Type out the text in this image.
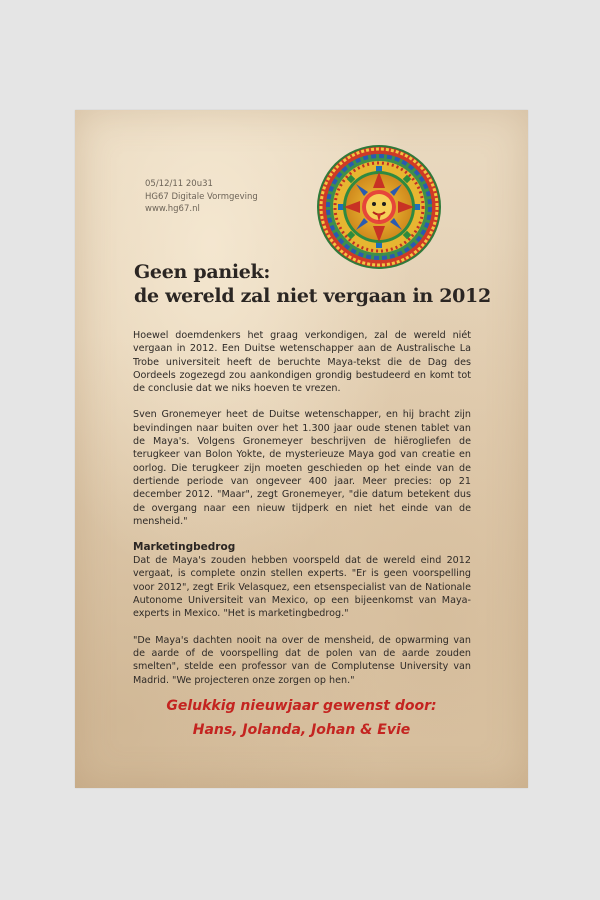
05/12/11 20u31
HG67 Digitale Vormgeving
www.hg67.nl
Geen paniek:
de wereld zal niet vergaan in 2012

Hoewel doemdenkers het graag verkondigen, zal de wereld niét vergaan in 2012. Een Duitse wetenschapper aan de Australische La Trobe universiteit heeft de beruchte Maya-tekst die de Dag des Oordeels zogezegd zou aankondigen grondig bestudeerd en komt tot de conclusie dat we niks hoeven te vrezen.

Sven Gronemeyer heet de Duitse wetenschapper, en hij bracht zijn bevindingen naar buiten over het 1.300 jaar oude stenen tablet van de Maya's. Volgens Gronemeyer beschrijven de hiërogliefen de terugkeer van Bolon Yokte, de mysterieuze Maya god van creatie en oorlog. Die terugkeer zijn moeten geschieden op het einde van de dertiende periode van ongeveer 400 jaar. Meer precies: op 21 december 2012. "Maar", zegt Gronemeyer, "die datum betekent dus de overgang naar een nieuw tijdperk en niet het einde van de mensheid."

Marketingbedrog

Dat de Maya's zouden hebben voorspeld dat de wereld eind 2012 vergaat, is complete onzin stellen experts. "Er is geen voorspelling voor 2012", zegt Erik Velasquez, een etsenspecialist van de Nationale Autonome Universiteit van Mexico, op een bijeenkomst van Maya-experts in Mexico. "Het is marketingbedrog."

"De Maya's dachten nooit na over de mensheid, de opwarming van de aarde of de voorspelling dat de polen van de aarde zouden smelten", stelde een professor van de Complutense University van Madrid. "We projecteren onze zorgen op hen."

Gelukkig nieuwjaar gewenst door:
Hans, Jolanda, Johan & Evie
